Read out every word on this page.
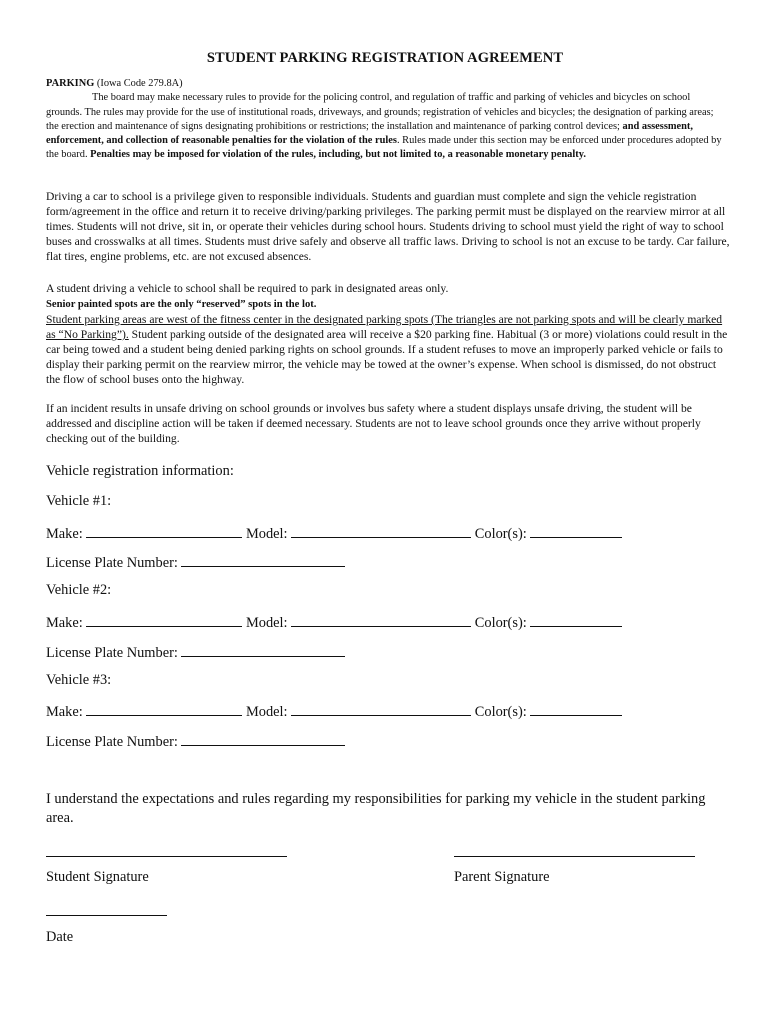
STUDENT PARKING REGISTRATION AGREEMENT
PARKING (Iowa Code 279.8A)
The board may make necessary rules to provide for the policing control, and regulation of traffic and parking of vehicles and bicycles on school grounds. The rules may provide for the use of institutional roads, driveways, and grounds; registration of vehicles and bicycles; the designation of parking areas; the erection and maintenance of signs designating prohibitions or restrictions; the installation and maintenance of parking control devices; and assessment, enforcement, and collection of reasonable penalties for the violation of the rules. Rules made under this section may be enforced under procedures adopted by the board. Penalties may be imposed for violation of the rules, including, but not limited to, a reasonable monetary penalty.
Driving a car to school is a privilege given to responsible individuals. Students and guardian must complete and sign the vehicle registration form/agreement in the office and return it to receive driving/parking privileges. The parking permit must be displayed on the rearview mirror at all times. Students will not drive, sit in, or operate their vehicles during school hours. Students driving to school must yield the right of way to school buses and crosswalks at all times. Students must drive safely and observe all traffic laws. Driving to school is not an excuse to be tardy. Car failure, flat tires, engine problems, etc. are not excused absences.
A student driving a vehicle to school shall be required to park in designated areas only.
Senior painted spots are the only “reserved” spots in the lot.
Student parking areas are west of the fitness center in the designated parking spots (The triangles are not parking spots and will be clearly marked as “No Parking”). Student parking outside of the designated area will receive a $20 parking fine. Habitual (3 or more) violations could result in the car being towed and a student being denied parking rights on school grounds. If a student refuses to move an improperly parked vehicle or fails to display their parking permit on the rearview mirror, the vehicle may be towed at the owner’s expense. When school is dismissed, do not obstruct the flow of school buses onto the highway.
If an incident results in unsafe driving on school grounds or involves bus safety where a student displays unsafe driving, the student will be addressed and discipline action will be taken if deemed necessary. Students are not to leave school grounds once they arrive without properly checking out of the building.
Vehicle registration information:
Vehicle #1:
Make:	Model:	Color(s):
License Plate Number:
Vehicle #2:
Make:	Model:	Color(s):
License Plate Number:
Vehicle #3:
Make:	Model:	Color(s):
License Plate Number:
I understand the expectations and rules regarding my responsibilities for parking my vehicle in the student parking area.
Student Signature	Parent Signature
Date
